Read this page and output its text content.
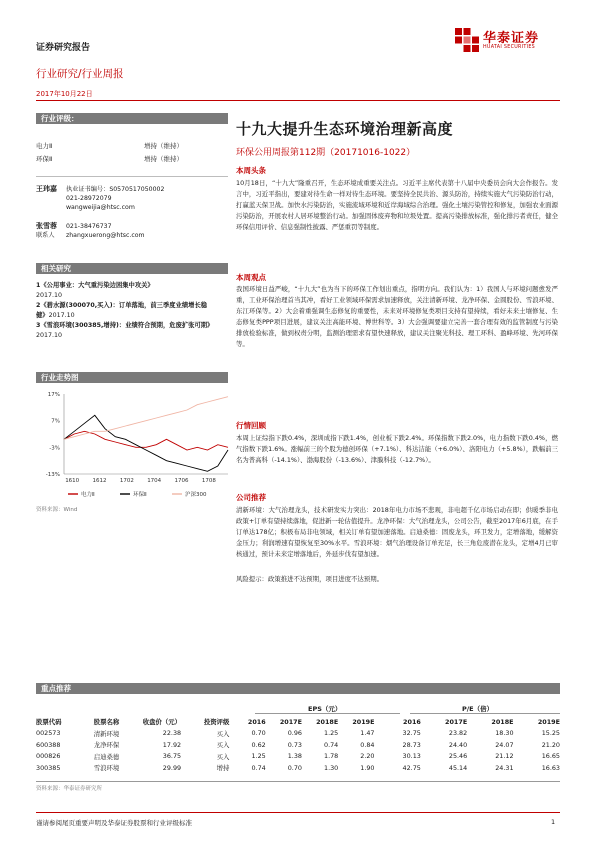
证券研究报告
行业研究/行业周报
2017年10月22日
华泰证券
HUATAI SECURITIES
行业评级：
电力Ⅱ	增持（维持）
环保Ⅱ	增持（维持）
王玮嘉 执业证书编号：S0570517050002
021-28972079
wangweijia@htsc.com
张雪蓉 021-38476737
联系人 zhangxuerong@htsc.com
相关研究
1《公用事业：大气重污染边困集中攻关》
2017.10
2《碧水源(300070,买入)：订单落地，前三季度业绩增长稳健》2017.10
3《雪浪环境(300385,增持)：业绩符合预期，危废扩张可期》2017.10
行业走势图
17%
7%
-3%
-13%
1610 1612 1702 1704 1706 1708
电力Ⅱ	环保Ⅱ	沪深300
资料来源：Wind
十九大提升生态环境治理新高度
环保公用周报第112期（20171016-1022）
本周头条
10月18日，“十九大”隆重召开，生态环境成重要关注点。习近平主席代表第十八届中央委员会向大会作报告。发言中，习近平指出，要建对待生命一样对待生态环境。要坚持全民共治、源头防治，持续实施大气污染防治行动，打赢蓝天保卫战。加快水污染防治，实施流域环境和近岸海域综合治理。强化土壤污染管控和修复，加强农业面源污染防治，开展农村人居环境整治行动。加强固体废弃物和垃圾处置。提高污染排放标准，强化排污者责任，健全环保信用评价、信息强制性披露、严惩重罚等制度。
本周观点
我国环境日益严峻，“十九大”也为当下的环保工作划出重点，指明方向。我们认为：1）我国人与环境问题愈发严重，工业环保治理首当其冲，看好工业领域环保需求加速释放，关注清新环境、龙净环保、金圆股份、雪浪环境、东江环保等。2）大会着重强调生态修复的重要性，未来对环境修复类项目支持有望持续，看好未来土壤修复、生态修复类PPP项目进展，建议关注高能环境、博世科等。3）大会强调要建立完善一套合理有效的监管制度与污染排放检验标准，做到权责分明，监测治理需求有望快速释放，建议关注聚光科技、理工环科、盈峰环境、先河环保等。
行情回顾
本周上证综指下跌0.4%，深圳成指下跌1.4%，创业板下跌2.4%。环保指数下跌2.0%，电力指数下跌0.4%，燃气指数下跌1.6%。涨幅前三的个股为德创环保（+7.1%）、科达洁能（+6.0%）、洛阳电力（+5.8%），跌幅前三名为普高科（-14.1%）、渤海股份（-13.6%）、津膜科技（-12.7%）。
公司推荐
清新环境：大气治理龙头，技术研发实力突出：2018年电力市场不悲观，非电超千亿市场启动在即；供暖季非电政策+订单有望持续落地，促进新一轮估值提升。龙净环保：大气治理龙头，公司公告，截至2017年6月底，在手订单达178亿；积极布局非电领域，相关订单有望加速落地。启迪桑德：固废龙头，环卫发力，定增落地，缓解资金压力；利润增速有望恢复至30%水平。雪浪环境：烟气治理设备订单充足，长三角危废潜在龙头，定增4月已审核通过，预计未来定增落地后，外延步伐有望加速。
风险提示：政策推进不达预期，项目进度不达预期。
重点推荐
EPS（元）	P/E（倍）
股票代码	股票名称	收盘价（元）	投资评级	2016	2017E	2018E	2019E	2016	2017E	2018E	2019E
002573	清新环境	22.38	买入	0.70	0.96	1.25	1.47	32.75	23.82	18.30	15.25
600388	龙净环保	17.92	买入	0.62	0.73	0.74	0.84	28.73	24.40	24.07	21.20
000826	启迪桑德	36.75	买入	1.25	1.38	1.78	2.20	30.13	25.46	21.12	16.65
300385	雪浪环境	29.99	增持	0.74	0.70	1.30	1.90	42.75	45.14	24.31	16.63
资料来源：华泰证券研究所
谨请参阅尾页重要声明及华泰证券股票和行业评级标准	1
